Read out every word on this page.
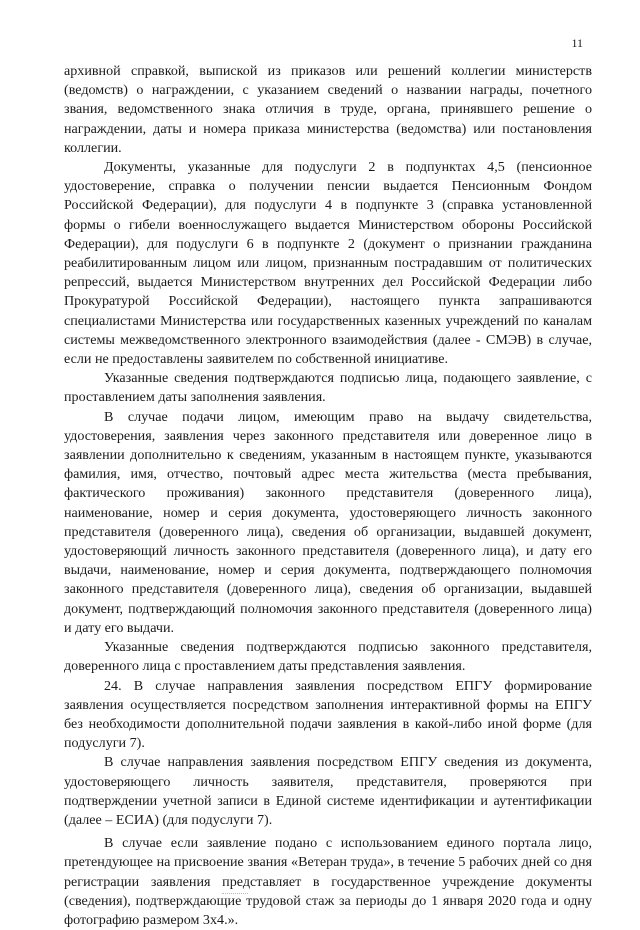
11

архивной справкой, выпиской из приказов или решений коллегии министерств (ведомств) о награждении, с указанием сведений о названии награды, почетного звания, ведомственного знака отличия в труде, органа, принявшего решение о награждении, даты и номера приказа министерства (ведомства) или постановления коллегии.

Документы, указанные для подуслуги 2 в подпунктах 4,5 (пенсионное удостоверение, справка о получении пенсии выдается Пенсионным Фондом Российской Федерации), для подуслуги 4 в подпункте 3 (справка установленной формы о гибели военнослужащего выдается Министерством обороны Российской Федерации), для подуслуги 6 в подпункте 2 (документ о признании гражданина реабилитированным лицом или лицом, признанным пострадавшим от политических репрессий, выдается Министерством внутренних дел Российской Федерации либо Прокуратурой Российской Федерации), настоящего пункта запрашиваются специалистами Министерства или государственных казенных учреждений по каналам системы межведомственного электронного взаимодействия (далее - СМЭВ) в случае, если не предоставлены заявителем по собственной инициативе.

Указанные сведения подтверждаются подписью лица, подающего заявление, с проставлением даты заполнения заявления.

В случае подачи лицом, имеющим право на выдачу свидетельства, удостоверения, заявления через законного представителя или доверенное лицо в заявлении дополнительно к сведениям, указанным в настоящем пункте, указываются фамилия, имя, отчество, почтовый адрес места жительства (места пребывания, фактического проживания) законного представителя (доверенного лица), наименование, номер и серия документа, удостоверяющего личность законного представителя (доверенного лица), сведения об организации, выдавшей документ, удостоверяющий личность законного представителя (доверенного лица), и дату его выдачи, наименование, номер и серия документа, подтверждающего полномочия законного представителя (доверенного лица), сведения об организации, выдавшей документ, подтверждающий полномочия законного представителя (доверенного лица) и дату его выдачи.

Указанные сведения подтверждаются подписью законного представителя, доверенного лица с проставлением даты представления заявления.

24. В случае направления заявления посредством ЕПГУ формирование заявления осуществляется посредством заполнения интерактивной формы на ЕПГУ без необходимости дополнительной подачи заявления в какой-либо иной форме (для подуслуги 7).

В случае направления заявления посредством ЕПГУ сведения из документа, удостоверяющего личность заявителя, представителя, проверяются при подтверждении учетной записи в Единой системе идентификации и аутентификации (далее – ЕСИА) (для подуслуги 7).

В случае если заявление подано с использованием единого портала лицо, претендующее на присвоение звания «Ветеран труда», в течение 5 рабочих дней со дня регистрации заявления представляет в государственное учреждение документы (сведения), подтверждающие трудовой стаж за периоды до 1 января 2020 года и одну фотографию размером 3х4.».
